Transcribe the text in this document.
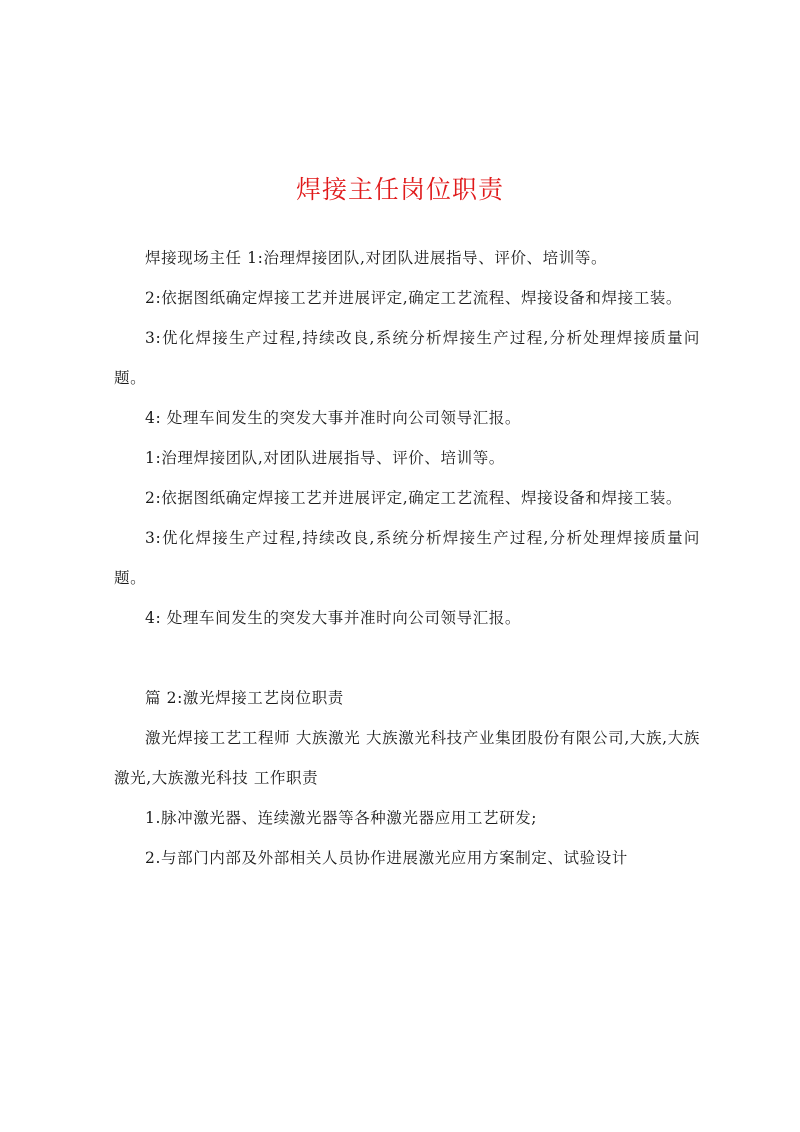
焊接主任岗位职责

焊接现场主任 1:治理焊接团队,对团队进展指导、评价、培训等。

2:依据图纸确定焊接工艺并进展评定,确定工艺流程、焊接设备和焊接工装。

3:优化焊接生产过程,持续改良,系统分析焊接生产过程,分析处理焊接质量问题。

4: 处理车间发生的突发大事并准时向公司领导汇报。

1:治理焊接团队,对团队进展指导、评价、培训等。

2:依据图纸确定焊接工艺并进展评定,确定工艺流程、焊接设备和焊接工装。

3:优化焊接生产过程,持续改良,系统分析焊接生产过程,分析处理焊接质量问题。

4: 处理车间发生的突发大事并准时向公司领导汇报。

篇 2:激光焊接工艺岗位职责

激光焊接工艺工程师 大族激光 大族激光科技产业集团股份有限公司,大族,大族激光,大族激光科技 工作职责

1.脉冲激光器、连续激光器等各种激光器应用工艺研发;

2.与部门内部及外部相关人员协作进展激光应用方案制定、试验设计
